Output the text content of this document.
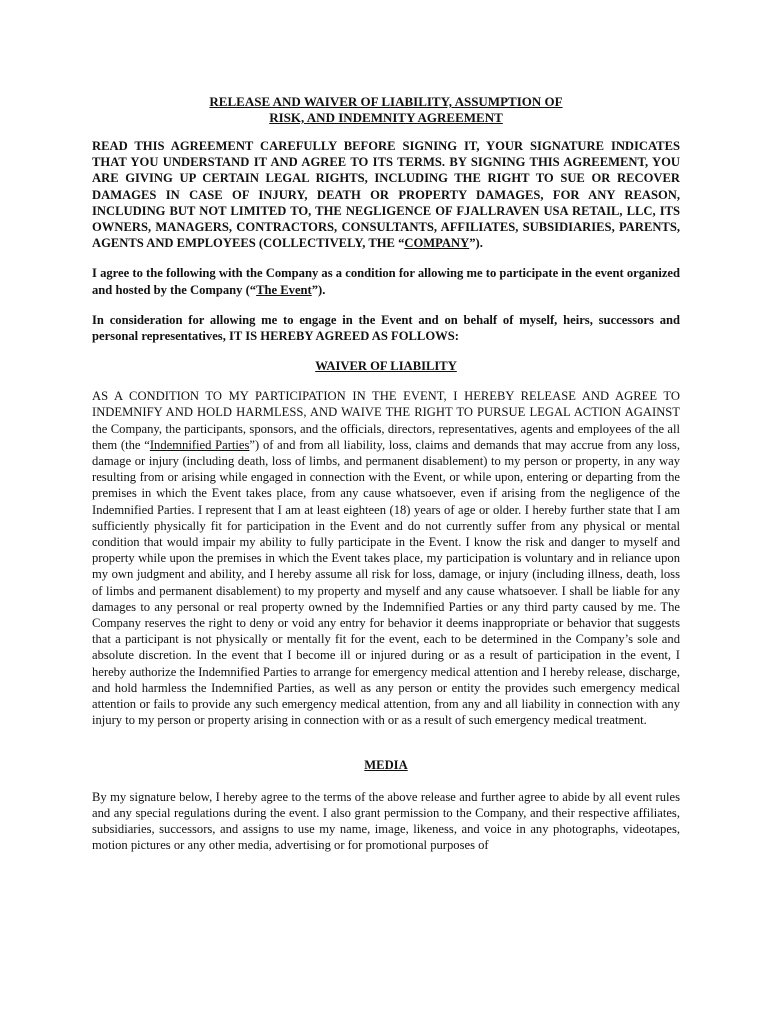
RELEASE AND WAIVER OF LIABILITY, ASSUMPTION OF
RISK, AND INDEMNITY AGREEMENT

READ THIS AGREEMENT CAREFULLY BEFORE SIGNING IT, YOUR SIGNATURE INDICATES THAT YOU UNDERSTAND IT AND AGREE TO ITS TERMS. BY SIGNING THIS AGREEMENT, YOU ARE GIVING UP CERTAIN LEGAL RIGHTS, INCLUDING THE RIGHT TO SUE OR RECOVER DAMAGES IN CASE OF INJURY, DEATH OR PROPERTY DAMAGES, FOR ANY REASON, INCLUDING BUT NOT LIMITED TO, THE NEGLIGENCE OF FJALLRAVEN USA RETAIL, LLC, ITS OWNERS, MANAGERS, CONTRACTORS, CONSULTANTS, AFFILIATES, SUBSIDIARIES, PARENTS, AGENTS AND EMPLOYEES (COLLECTIVELY, THE “COMPANY”).

I agree to the following with the Company as a condition for allowing me to participate in the event organized and hosted by the Company (“The Event”).

In consideration for allowing me to engage in the Event and on behalf of myself, heirs, successors and personal representatives, IT IS HEREBY AGREED AS FOLLOWS:

WAIVER OF LIABILITY

AS A CONDITION TO MY PARTICIPATION IN THE EVENT, I HEREBY RELEASE AND AGREE TO INDEMNIFY AND HOLD HARMLESS, AND WAIVE THE RIGHT TO PURSUE LEGAL ACTION AGAINST the Company, the participants, sponsors, and the officials, directors, representatives, agents and employees of the all them (the “Indemnified Parties”) of and from all liability, loss, claims and demands that may accrue from any loss, damage or injury (including death, loss of limbs, and permanent disablement) to my person or property, in any way resulting from or arising while engaged in connection with the Event, or while upon, entering or departing from the premises in which the Event takes place, from any cause whatsoever, even if arising from the negligence of the Indemnified Parties. I represent that I am at least eighteen (18) years of age or older. I hereby further state that I am sufficiently physically fit for participation in the Event and do not currently suffer from any physical or mental condition that would impair my ability to fully participate in the Event. I know the risk and danger to myself and property while upon the premises in which the Event takes place, my participation is voluntary and in reliance upon my own judgment and ability, and I hereby assume all risk for loss, damage, or injury (including illness, death, loss of limbs and permanent disablement) to my property and myself and any cause whatsoever. I shall be liable for any damages to any personal or real property owned by the Indemnified Parties or any third party caused by me. The Company reserves the right to deny or void any entry for behavior it deems inappropriate or behavior that suggests that a participant is not physically or mentally fit for the event, each to be determined in the Company’s sole and absolute discretion. In the event that I become ill or injured during or as a result of participation in the event, I hereby authorize the Indemnified Parties to arrange for emergency medical attention and I hereby release, discharge, and hold harmless the Indemnified Parties, as well as any person or entity the provides such emergency medical attention or fails to provide any such emergency medical attention, from any and all liability in connection with any injury to my person or property arising in connection with or as a result of such emergency medical treatment.

MEDIA

By my signature below, I hereby agree to the terms of the above release and further agree to abide by all event rules and any special regulations during the event. I also grant permission to the Company, and their respective affiliates, subsidiaries, successors, and assigns to use my name, image, likeness, and voice in any photographs, videotapes, motion pictures or any other media, advertising or for promotional purposes of
